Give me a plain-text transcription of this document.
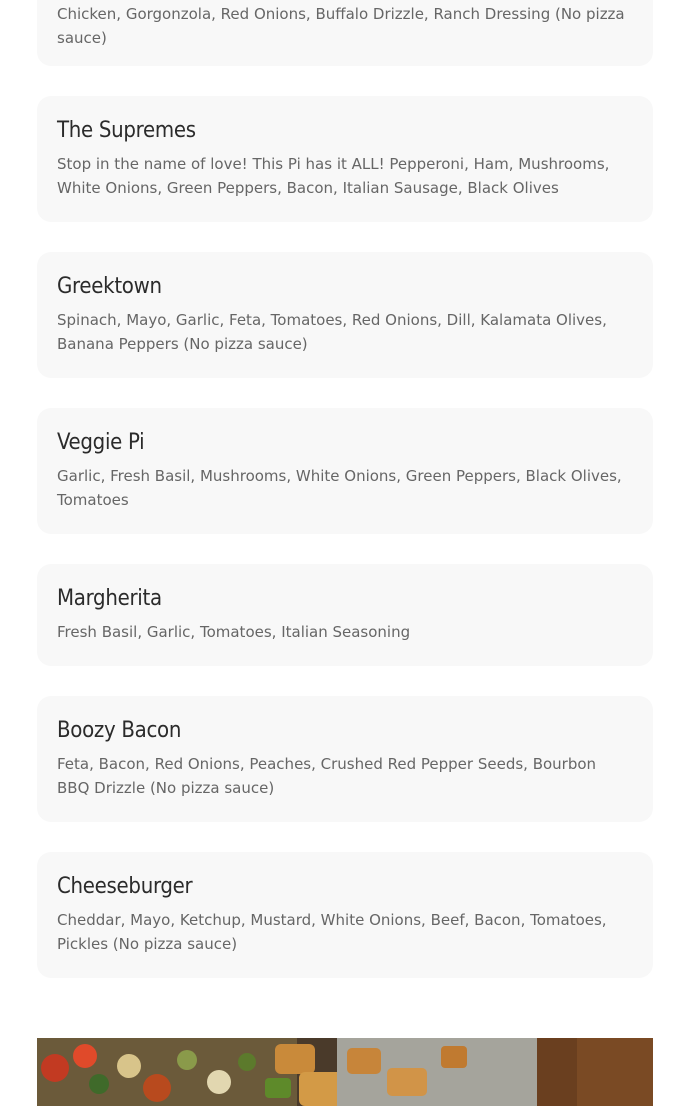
Chicken, Gorgonzola, Red Onions, Buffalo Drizzle, Ranch Dressing (No pizza sauce)

The Supremes

Stop in the name of love! This Pi has it ALL! Pepperoni, Ham, Mushrooms, White Onions, Green Peppers, Bacon, Italian Sausage, Black Olives

Greektown

Spinach, Mayo, Garlic, Feta, Tomatoes, Red Onions, Dill, Kalamata Olives, Banana Peppers (No pizza sauce)

Veggie Pi

Garlic, Fresh Basil, Mushrooms, White Onions, Green Peppers, Black Olives, Tomatoes

Margherita

Fresh Basil, Garlic, Tomatoes, Italian Seasoning

Boozy Bacon

Feta, Bacon, Red Onions, Peaches, Crushed Red Pepper Seeds, Bourbon BBQ Drizzle (No pizza sauce)

Cheeseburger

Cheddar, Mayo, Ketchup, Mustard, White Onions, Beef, Bacon, Tomatoes, Pickles (No pizza sauce)
